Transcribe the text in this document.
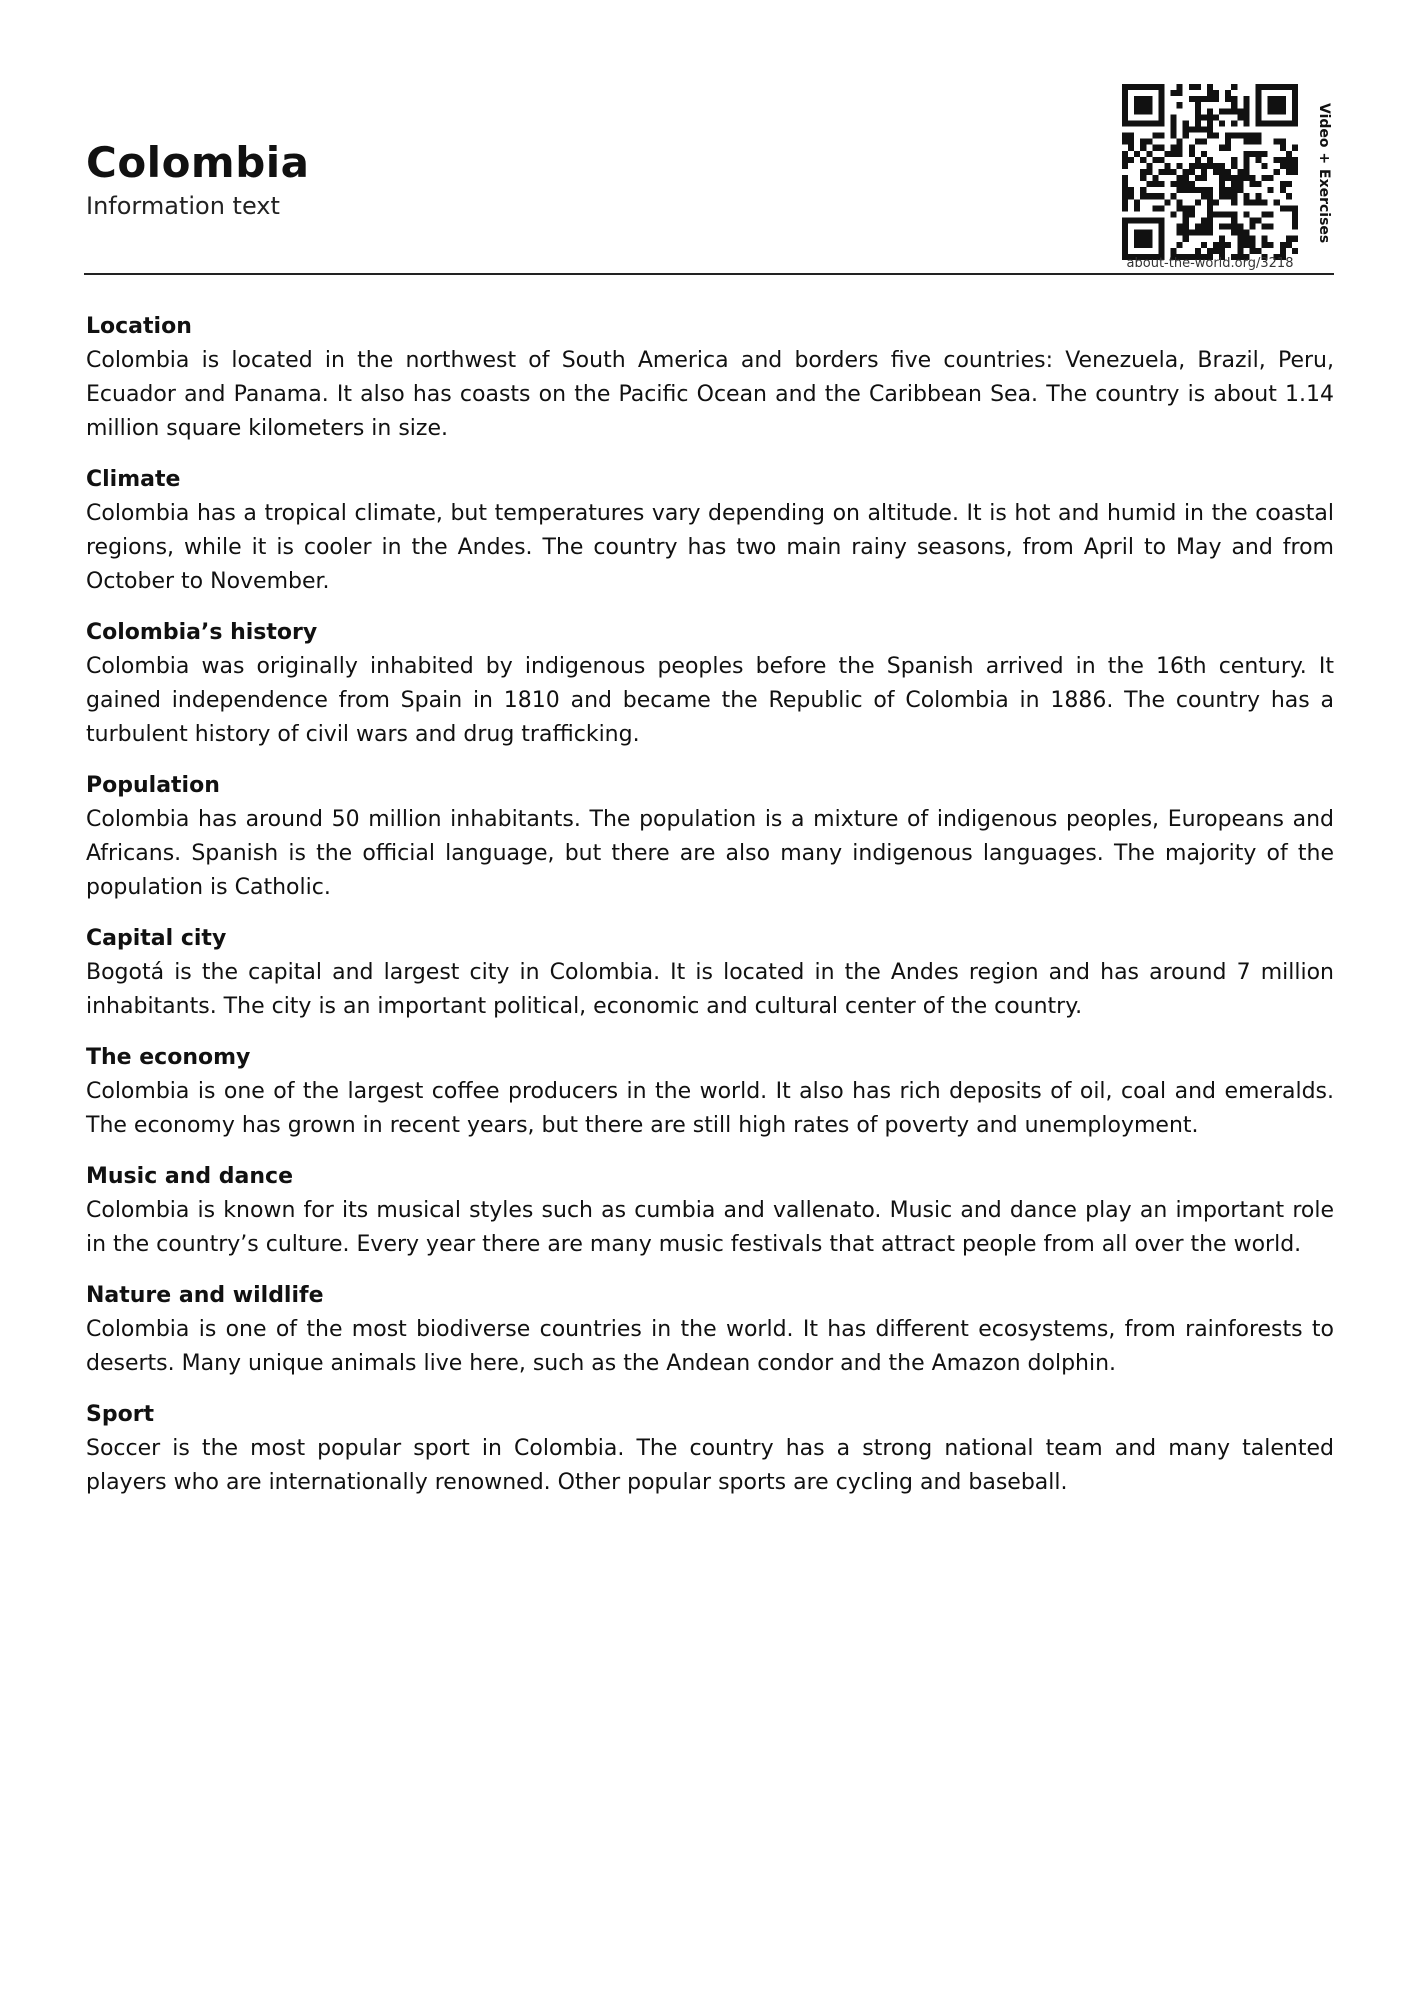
Colombia
Information text
about-the-world.org/3218
Video + Exercises
Location

Colombia is located in the northwest of South America and borders five countries: Venezuela, Brazil, Peru, Ecuador and Panama. It also has coasts on the Pacific Ocean and the Caribbean Sea. The country is about 1.14 million square kilometers in size.

Climate

Colombia has a tropical climate, but temperatures vary depending on altitude. It is hot and humid in the coastal regions, while it is cooler in the Andes. The country has two main rainy seasons, from April to May and from October to November.

Colombia’s history

Colombia was originally inhabited by indigenous peoples before the Spanish arrived in the 16th century. It gained independence from Spain in 1810 and became the Republic of Colombia in 1886. The country has a turbulent history of civil wars and drug trafficking.

Population

Colombia has around 50 million inhabitants. The population is a mixture of indigenous peoples, Europeans and Africans. Spanish is the official language, but there are also many indigenous languages. The majority of the population is Catholic.

Capital city

Bogotá is the capital and largest city in Colombia. It is located in the Andes region and has around 7 million inhabitants. The city is an important political, economic and cultural center of the country.

The economy

Colombia is one of the largest coffee producers in the world. It also has rich deposits of oil, coal and emeralds. The economy has grown in recent years, but there are still high rates of poverty and unemployment.

Music and dance

Colombia is known for its musical styles such as cumbia and vallenato. Music and dance play an important role in the country’s culture. Every year there are many music festivals that attract people from all over the world.

Nature and wildlife

Colombia is one of the most biodiverse countries in the world. It has different ecosystems, from rainforests to deserts. Many unique animals live here, such as the Andean condor and the Amazon dolphin.

Sport

Soccer is the most popular sport in Colombia. The country has a strong national team and many talented players who are internationally renowned. Other popular sports are cycling and baseball.
